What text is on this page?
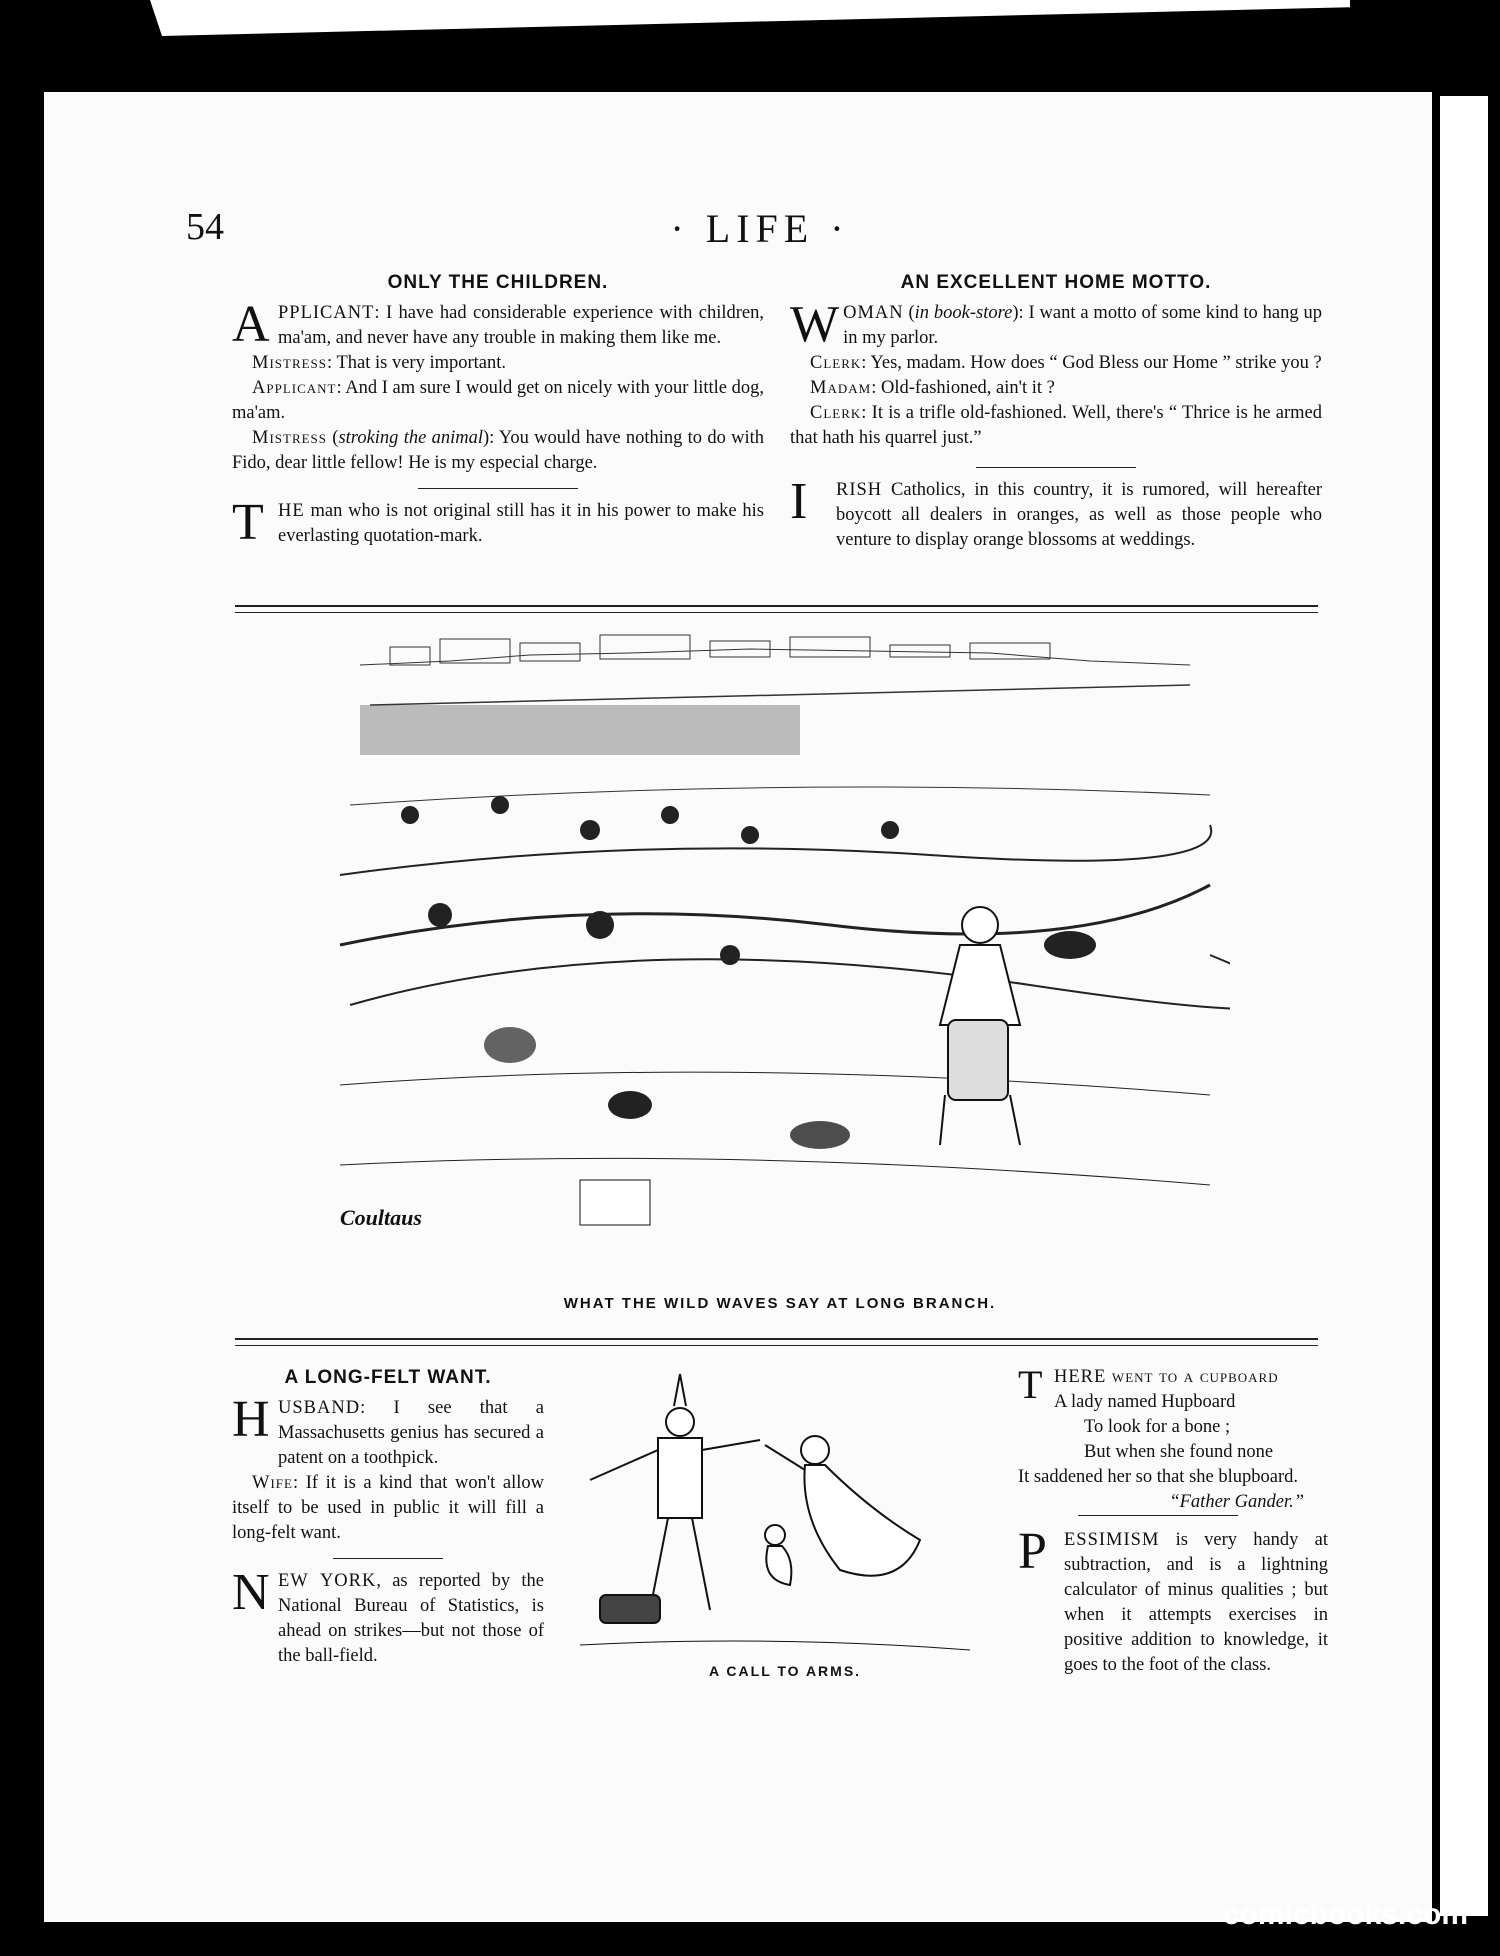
54	· LIFE ·
ONLY THE CHILDREN.

APPLICANT: I have had considerable experience with children, ma'am, and never have any trouble in making them like me.

Mistress: That is very important.

Applicant: And I am sure I would get on nicely with your little dog, ma'am.

Mistress (stroking the animal): You would have nothing to do with Fido, dear little fellow! He is my especial charge.

THE man who is not original still has it in his power to make his everlasting quotation-mark.

AN EXCELLENT HOME MOTTO.

WOMAN (in book-store): I want a motto of some kind to hang up in my parlor.

Clerk: Yes, madam. How does “ God Bless our Home ” strike you ?

Madam: Old-fashioned, ain't it ?

Clerk: It is a trifle old-fashioned. Well, there's “ Thrice is he armed that hath his quarrel just.”

I RISH Catholics, in this country, it is rumored, will hereafter boycott all dealers in oranges, as well as those people who venture to display orange blossoms at weddings.

Coultaus
WHAT THE WILD WAVES SAY AT LONG BRANCH.
A LONG-FELT WANT.

HUSBAND: I see that a Massachusetts genius has secured a patent on a toothpick.

Wife: If it is a kind that won't allow itself to be used in public it will fill a long-felt want.

NEW YORK, as reported by the National Bureau of Statistics, is ahead on strikes—but not those of the ball-field.

A CALL TO ARMS.
THERE went to a cupboard
A lady named Hupboard
To look for a bone ;
But when she found none
It saddened her so that she blupboard.
“Father Gander.”

PESSIMISM is very handy at subtraction, and is a lightning calculator of minus qualities ; but when it attempts exercises in positive addition to knowledge, it goes to the foot of the class.

comicbooks.com
